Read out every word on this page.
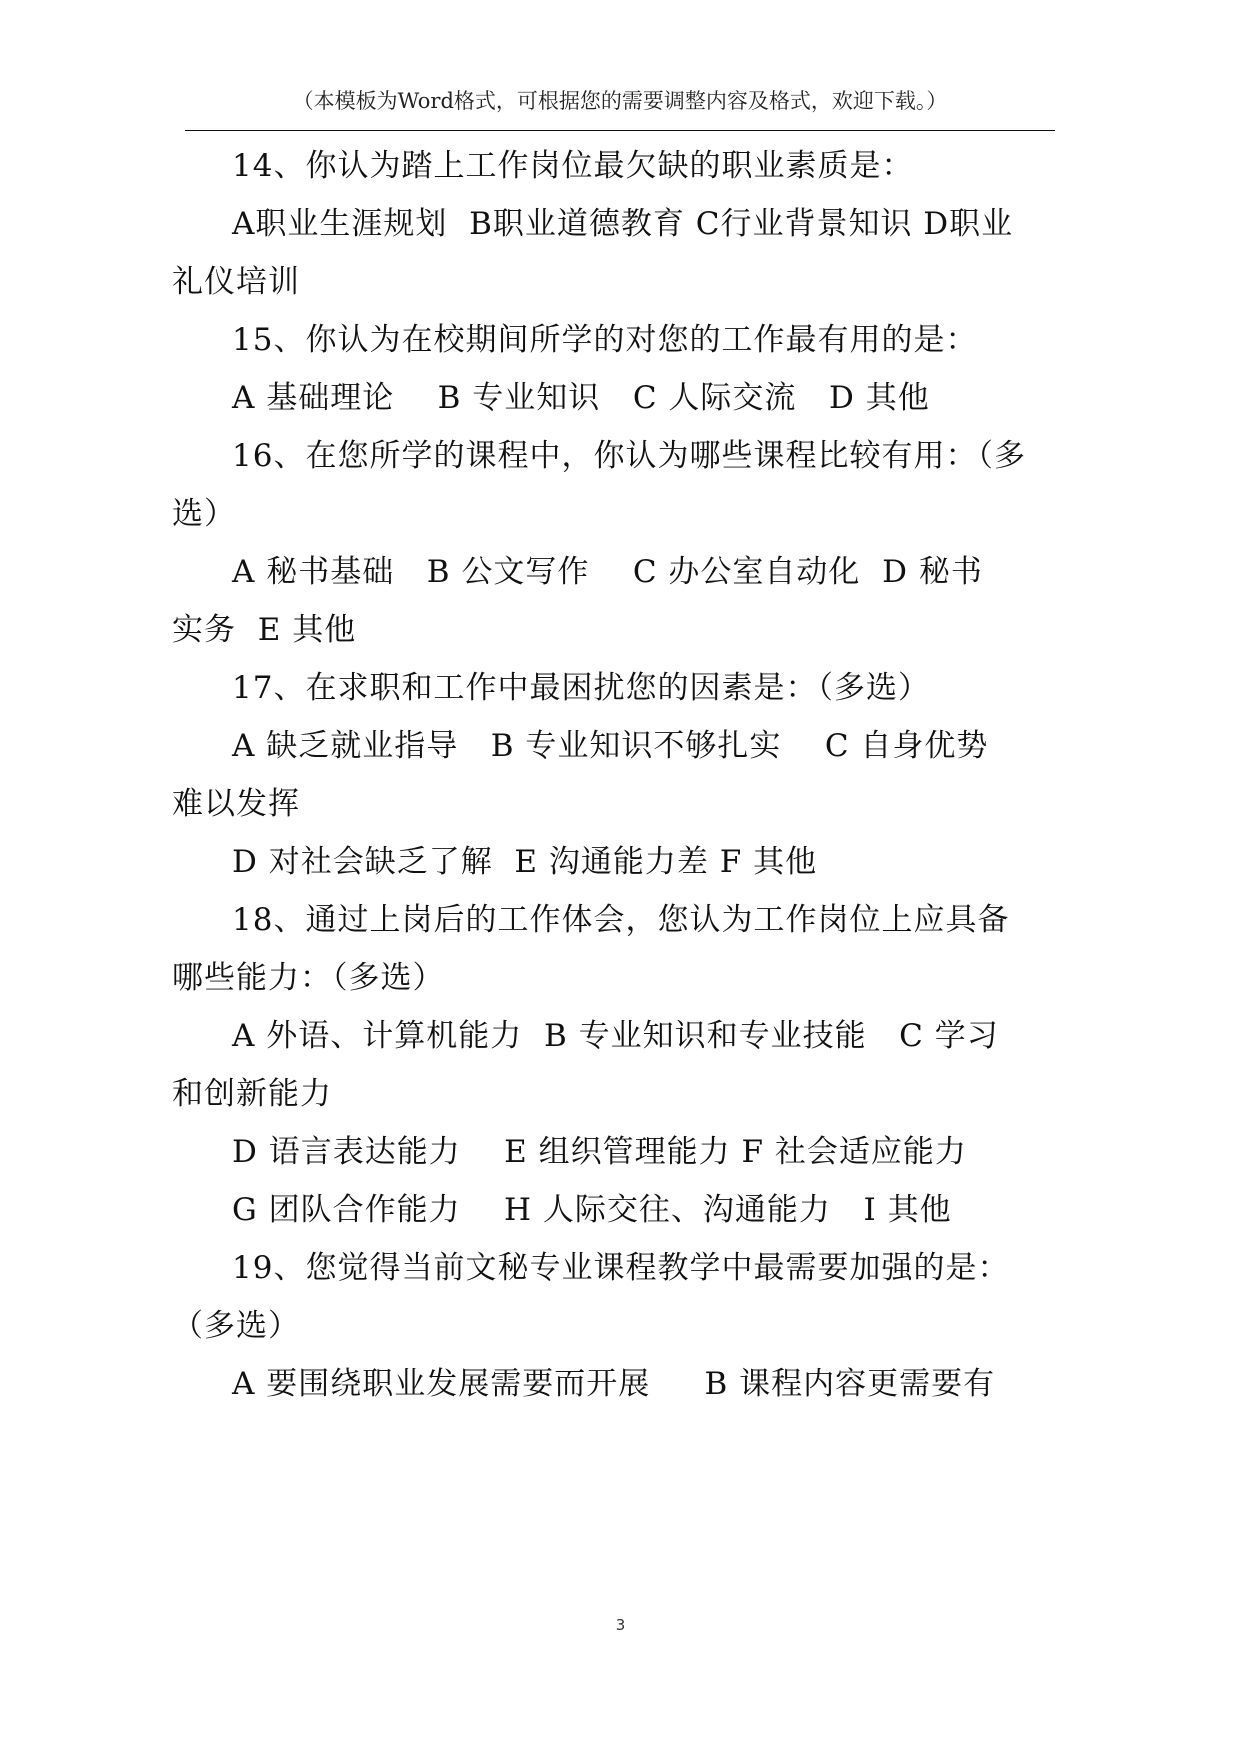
（本模板为Word格式，可根据您的需要调整内容及格式，欢迎下载。）
14、你认为踏上工作岗位最欠缺的职业素质是：
A职业生涯规划  B职业道德教育 C行业背景知识 D职业
礼仪培训
15、你认为在校期间所学的对您的工作最有用的是：
A 基础理论    B 专业知识   C 人际交流   D 其他
16、在您所学的课程中，你认为哪些课程比较有用：（多
选）
A 秘书基础   B 公文写作    C 办公室自动化  D 秘书
实务  E 其他
17、在求职和工作中最困扰您的因素是：（多选）
A 缺乏就业指导   B 专业知识不够扎实    C 自身优势
难以发挥
D 对社会缺乏了解  E 沟通能力差 F 其他
18、通过上岗后的工作体会，您认为工作岗位上应具备
哪些能力：（多选）
A 外语、计算机能力  B 专业知识和专业技能   C 学习
和创新能力
D 语言表达能力    E 组织管理能力 F 社会适应能力
G 团队合作能力    H 人际交往、沟通能力   I 其他
19、您觉得当前文秘专业课程教学中最需要加强的是：
（多选）
A 要围绕职业发展需要而开展     B 课程内容更需要有
3
